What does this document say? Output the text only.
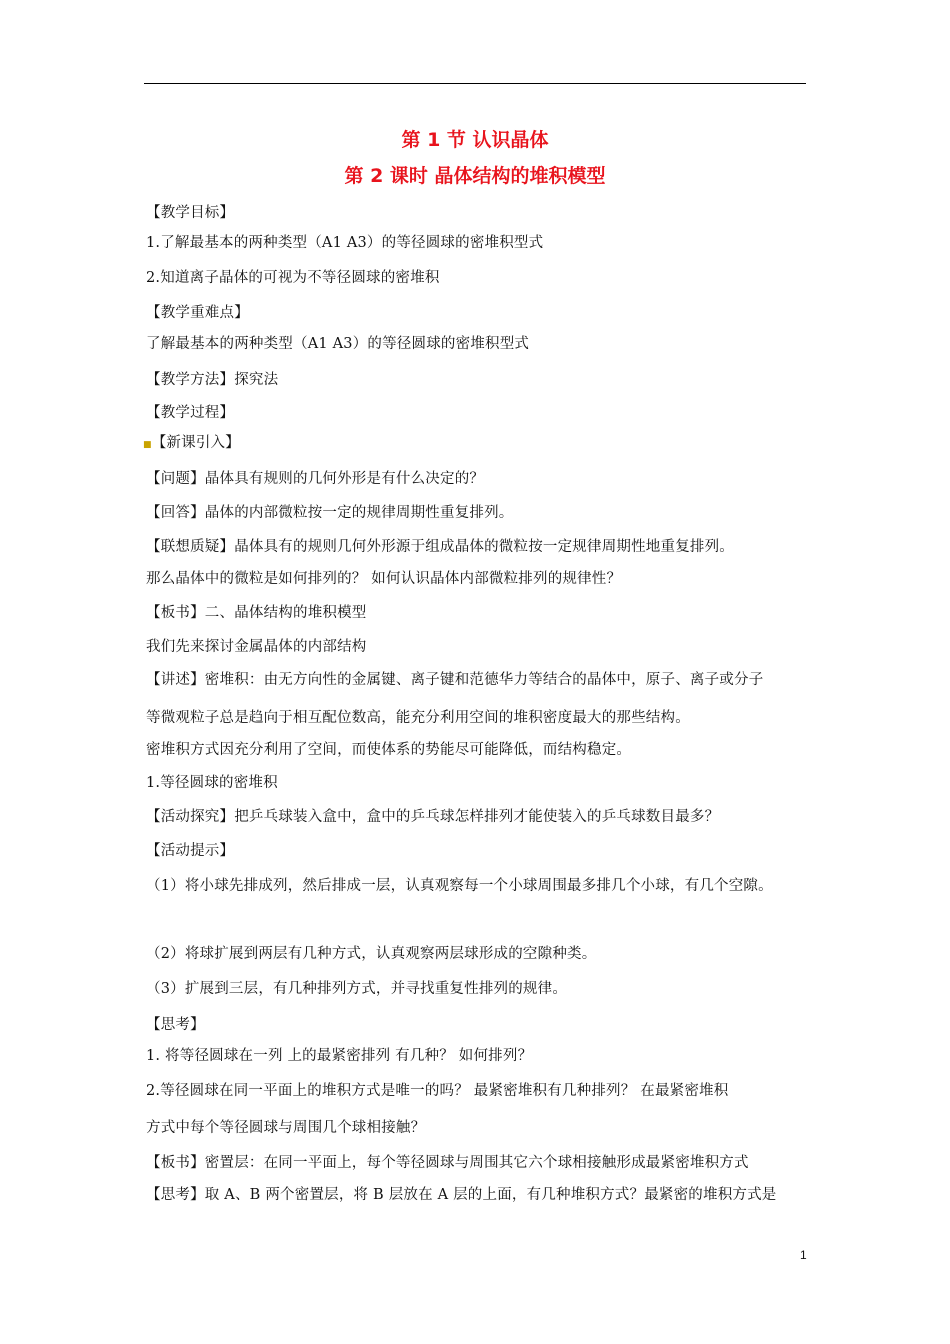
第 1 节 认识晶体
第 2 课时 晶体结构的堆积模型
【教学目标】
1.了解最基本的两种类型（A1 A3）的等径圆球的密堆积型式
2.知道离子晶体的可视为不等径圆球的密堆积
【教学重难点】
了解最基本的两种类型（A1 A3）的等径圆球的密堆积型式
【教学方法】探究法
【教学过程】
■【新课引入】
【问题】晶体具有规则的几何外形是有什么决定的？
【回答】晶体的内部微粒按一定的规律周期性重复排列。
【联想质疑】晶体具有的规则几何外形源于组成晶体的微粒按一定规律周期性地重复排列。
那么晶体中的微粒是如何排列的？ 如何认识晶体内部微粒排列的规律性？
【板书】二、晶体结构的堆积模型
我们先来探讨金属晶体的内部结构
【讲述】密堆积：由无方向性的金属键、离子键和范德华力等结合的晶体中，原子、离子或分子
等微观粒子总是趋向于相互配位数高，能充分利用空间的堆积密度最大的那些结构。
密堆积方式因充分利用了空间，而使体系的势能尽可能降低，而结构稳定。
1.等径圆球的密堆积
【活动探究】把乒乓球装入盒中，盒中的乒乓球怎样排列才能使装入的乒乓球数目最多？
【活动提示】
（1）将小球先排成列，然后排成一层，认真观察每一个小球周围最多排几个小球，有几个空隙。
（2）将球扩展到两层有几种方式，认真观察两层球形成的空隙种类。
（3）扩展到三层，有几种排列方式，并寻找重复性排列的规律。
【思考】
1. 将等径圆球在一列 上的最紧密排列 有几种？ 如何排列？
2.等径圆球在同一平面上的堆积方式是唯一的吗？ 最紧密堆积有几种排列？ 在最紧密堆积
方式中每个等径圆球与周围几个球相接触？
【板书】密置层：在同一平面上，每个等径圆球与周围其它六个球相接触形成最紧密堆积方式
【思考】取 A、B 两个密置层，将 B 层放在 A 层的上面，有几种堆积方式？最紧密的堆积方式是
1
